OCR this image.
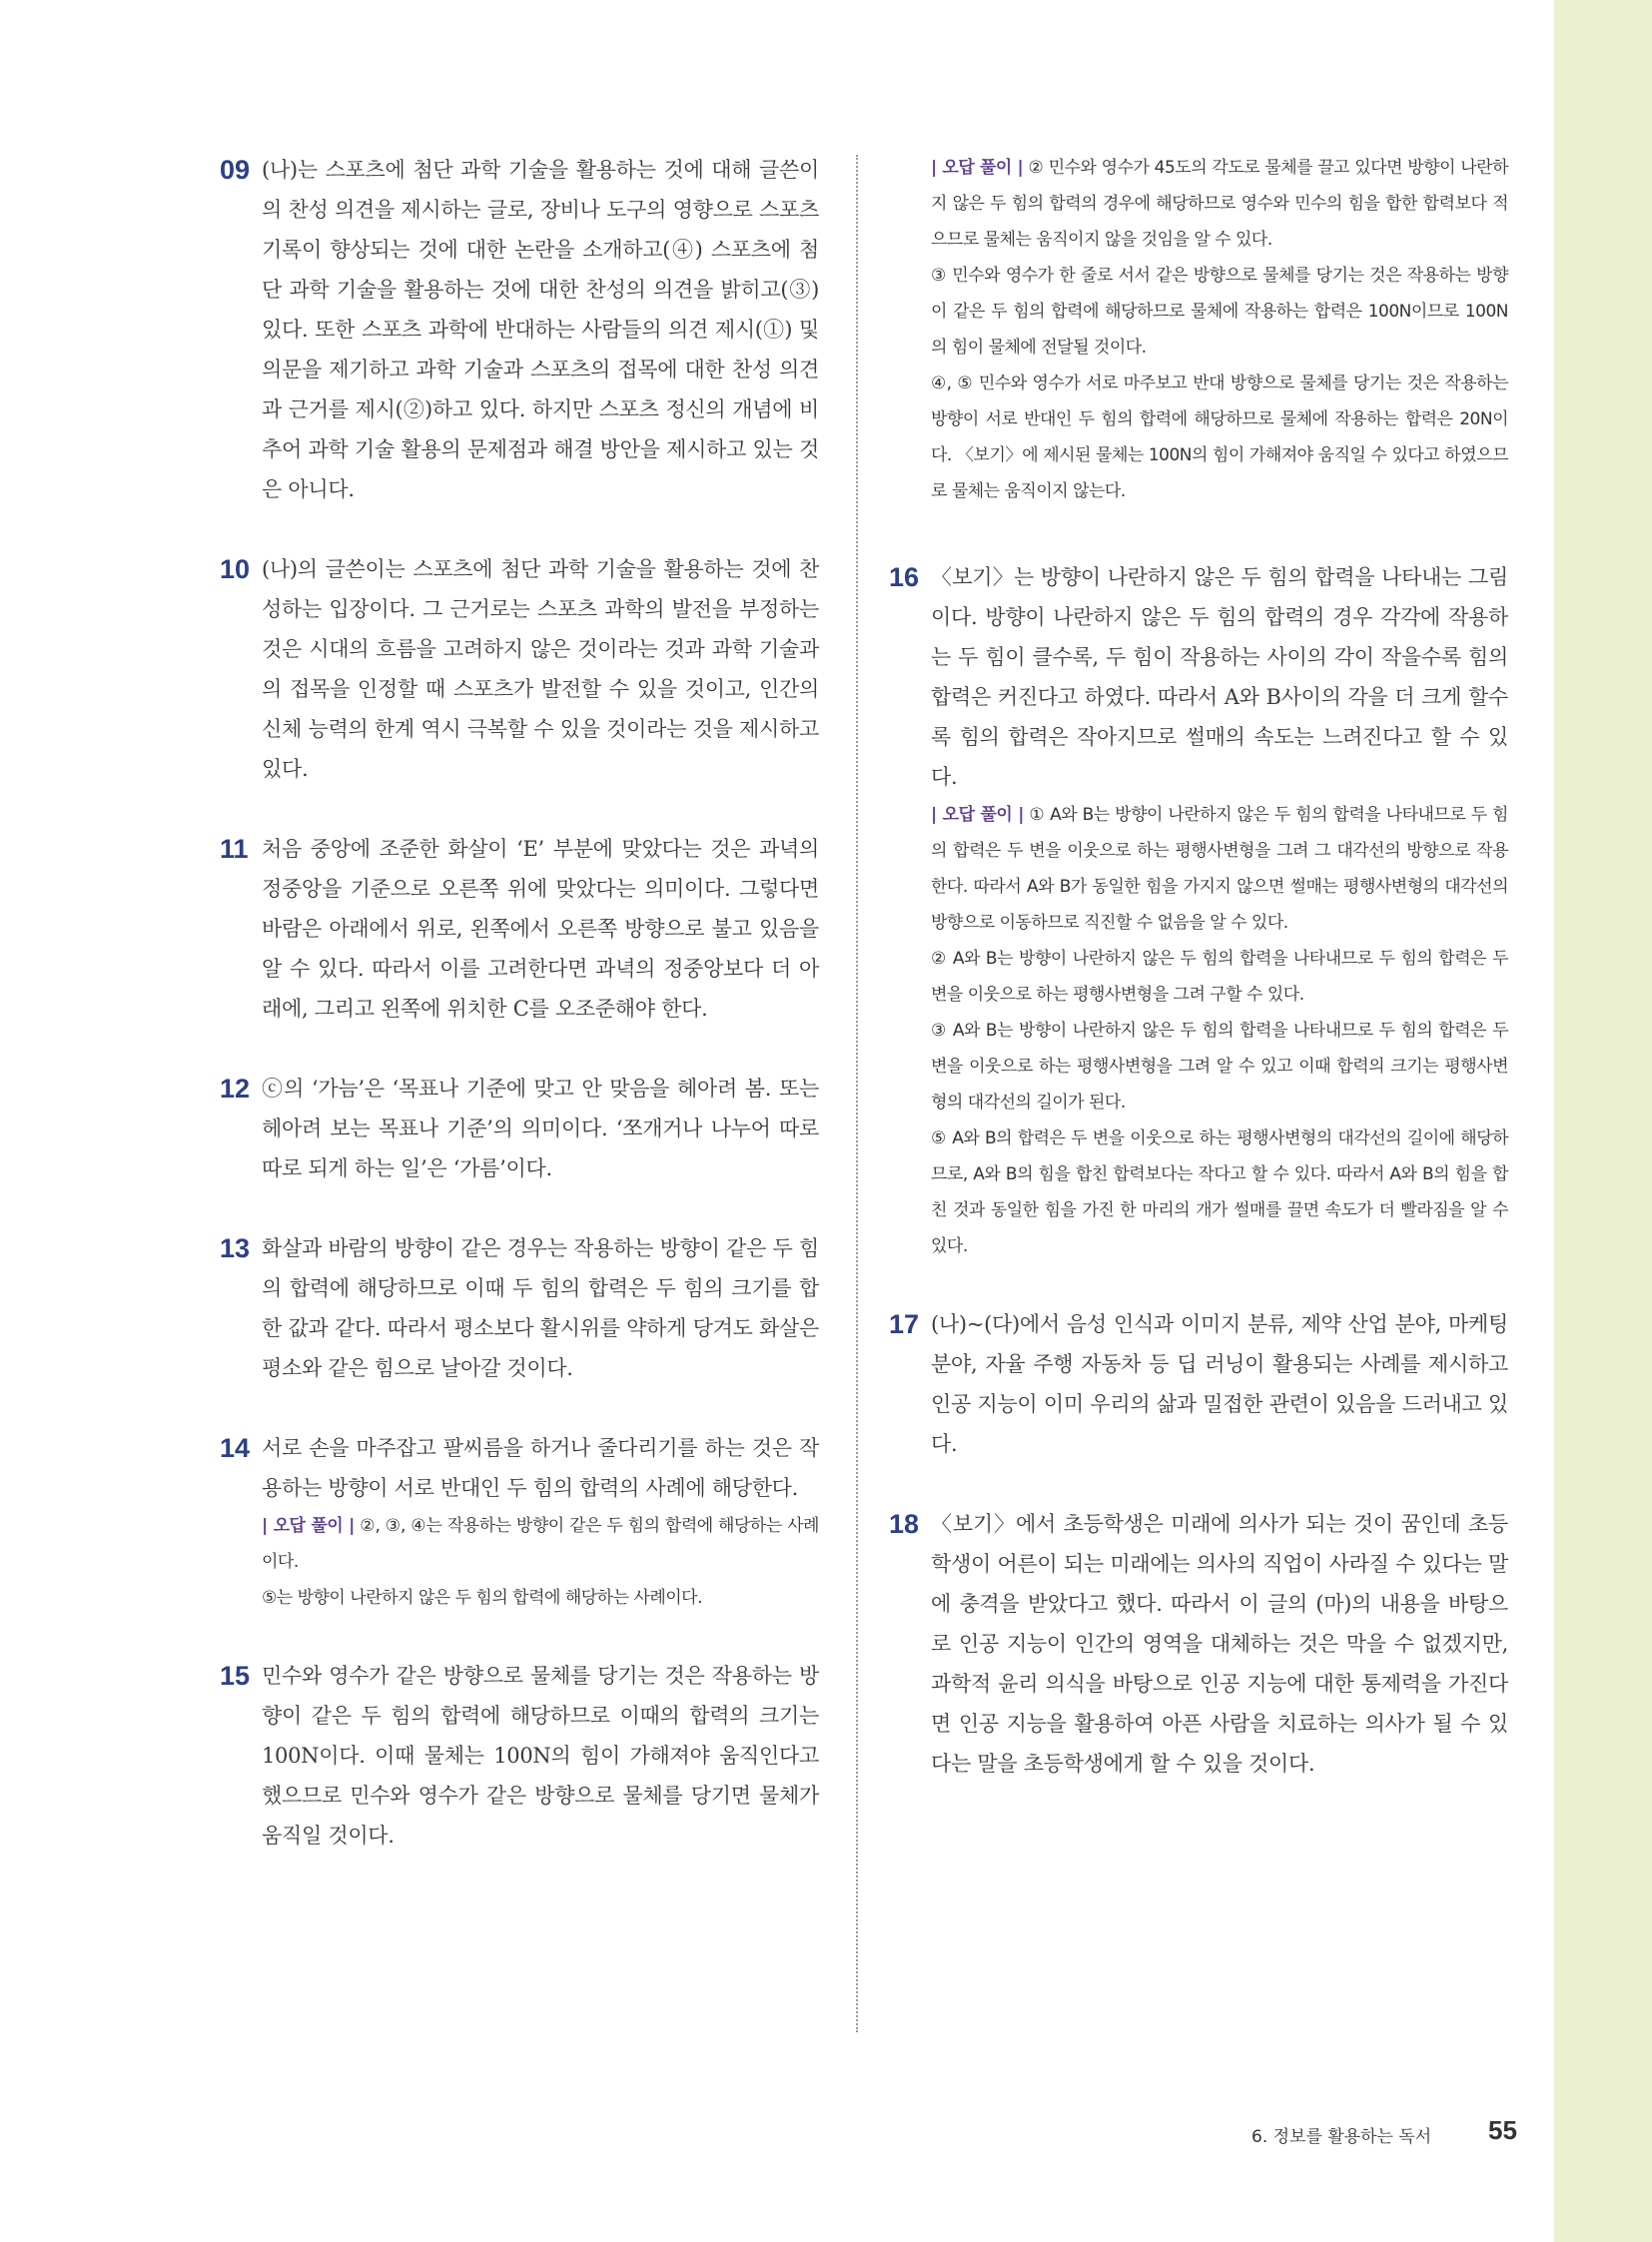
09 (나)는 스포츠에 첨단 과학 기술을 활용하는 것에 대해 글쓴이의 찬성 의견을 제시하는 글로, 장비나 도구의 영향으로 스포츠 기록이 향상되는 것에 대한 논란을 소개하고(④) 스포츠에 첨단 과학 기술을 활용하는 것에 대한 찬성의 의견을 밝히고(③) 있다. 또한 스포츠 과학에 반대하는 사람들의 의견 제시(①) 및 의문을 제기하고 과학 기술과 스포츠의 접목에 대한 찬성 의견과 근거를 제시(②)하고 있다. 하지만 스포츠 정신의 개념에 비추어 과학 기술 활용의 문제점과 해결 방안을 제시하고 있는 것은 아니다.

10 (나)의 글쓴이는 스포츠에 첨단 과학 기술을 활용하는 것에 찬성하는 입장이다. 그 근거로는 스포츠 과학의 발전을 부정하는 것은 시대의 흐름을 고려하지 않은 것이라는 것과 과학 기술과의 접목을 인정할 때 스포츠가 발전할 수 있을 것이고, 인간의 신체 능력의 한계 역시 극복할 수 있을 것이라는 것을 제시하고 있다.

11 처음 중앙에 조준한 화살이 ‘E’ 부분에 맞았다는 것은 과녁의 정중앙을 기준으로 오른쪽 위에 맞았다는 의미이다. 그렇다면 바람은 아래에서 위로, 왼쪽에서 오른쪽 방향으로 불고 있음을 알 수 있다. 따라서 이를 고려한다면 과녁의 정중앙보다 더 아래에, 그리고 왼쪽에 위치한 C를 오조준해야 한다.

12 ⓒ의 ‘가늠’은 ‘목표나 기준에 맞고 안 맞음을 헤아려 봄. 또는 헤아려 보는 목표나 기준’의 의미이다. ‘쪼개거나 나누어 따로따로 되게 하는 일’은 ‘가름’이다.

13 화살과 바람의 방향이 같은 경우는 작용하는 방향이 같은 두 힘의 합력에 해당하므로 이때 두 힘의 합력은 두 힘의 크기를 합한 값과 같다. 따라서 평소보다 활시위를 약하게 당겨도 화살은 평소와 같은 힘으로 날아갈 것이다.

14 서로 손을 마주잡고 팔씨름을 하거나 줄다리기를 하는 것은 작용하는 방향이 서로 반대인 두 힘의 합력의 사례에 해당한다.

| 오답 풀이 | ②, ③, ④는 작용하는 방향이 같은 두 힘의 합력에 해당하는 사례이다.

⑤는 방향이 나란하지 않은 두 힘의 합력에 해당하는 사례이다.

15 민수와 영수가 같은 방향으로 물체를 당기는 것은 작용하는 방향이 같은 두 힘의 합력에 해당하므로 이때의 합력의 크기는 100N이다. 이때 물체는 100N의 힘이 가해져야 움직인다고 했으므로 민수와 영수가 같은 방향으로 물체를 당기면 물체가 움직일 것이다.

| 오답 풀이 | ② 민수와 영수가 45도의 각도로 물체를 끌고 있다면 방향이 나란하지 않은 두 힘의 합력의 경우에 해당하므로 영수와 민수의 힘을 합한 합력보다 적으므로 물체는 움직이지 않을 것임을 알 수 있다.

③ 민수와 영수가 한 줄로 서서 같은 방향으로 물체를 당기는 것은 작용하는 방향이 같은 두 힘의 합력에 해당하므로 물체에 작용하는 합력은 100N이므로 100N의 힘이 물체에 전달될 것이다.

④, ⑤ 민수와 영수가 서로 마주보고 반대 방향으로 물체를 당기는 것은 작용하는 방향이 서로 반대인 두 힘의 합력에 해당하므로 물체에 작용하는 합력은 20N이다. 〈보기〉에 제시된 물체는 100N의 힘이 가해져야 움직일 수 있다고 하였으므로 물체는 움직이지 않는다.

16 〈보기〉는 방향이 나란하지 않은 두 힘의 합력을 나타내는 그림이다. 방향이 나란하지 않은 두 힘의 합력의 경우 각각에 작용하는 두 힘이 클수록, 두 힘이 작용하는 사이의 각이 작을수록 힘의 합력은 커진다고 하였다. 따라서 A와 B사이의 각을 더 크게 할수록 힘의 합력은 작아지므로 썰매의 속도는 느려진다고 할 수 있다.

| 오답 풀이 | ① A와 B는 방향이 나란하지 않은 두 힘의 합력을 나타내므로 두 힘의 합력은 두 변을 이웃으로 하는 평행사변형을 그려 그 대각선의 방향으로 작용한다. 따라서 A와 B가 동일한 힘을 가지지 않으면 썰매는 평행사변형의 대각선의 방향으로 이동하므로 직진할 수 없음을 알 수 있다.

② A와 B는 방향이 나란하지 않은 두 힘의 합력을 나타내므로 두 힘의 합력은 두 변을 이웃으로 하는 평행사변형을 그려 구할 수 있다.

③ A와 B는 방향이 나란하지 않은 두 힘의 합력을 나타내므로 두 힘의 합력은 두 변을 이웃으로 하는 평행사변형을 그려 알 수 있고 이때 합력의 크기는 평행사변형의 대각선의 길이가 된다.

⑤ A와 B의 합력은 두 변을 이웃으로 하는 평행사변형의 대각선의 길이에 해당하므로, A와 B의 힘을 합친 합력보다는 작다고 할 수 있다. 따라서 A와 B의 힘을 합친 것과 동일한 힘을 가진 한 마리의 개가 썰매를 끌면 속도가 더 빨라짐을 알 수 있다.

17 (나)~(다)에서 음성 인식과 이미지 분류, 제약 산업 분야, 마케팅 분야, 자율 주행 자동차 등 딥 러닝이 활용되는 사례를 제시하고 인공 지능이 이미 우리의 삶과 밀접한 관련이 있음을 드러내고 있다.

18 〈보기〉에서 초등학생은 미래에 의사가 되는 것이 꿈인데 초등학생이 어른이 되는 미래에는 의사의 직업이 사라질 수 있다는 말에 충격을 받았다고 했다. 따라서 이 글의 (마)의 내용을 바탕으로 인공 지능이 인간의 영역을 대체하는 것은 막을 수 없겠지만, 과학적 윤리 의식을 바탕으로 인공 지능에 대한 통제력을 가진다면 인공 지능을 활용하여 아픈 사람을 치료하는 의사가 될 수 있다는 말을 초등학생에게 할 수 있을 것이다.

6. 정보를 활용하는 독서 55
